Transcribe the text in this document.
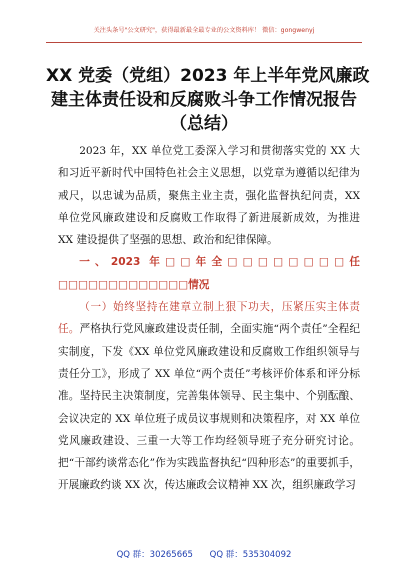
关注头条号"公文研究"，获得最新最全最专业的公文资料库！ 微信：gongwenyj
XX 党委（党组）2023 年上半年党风廉政
建主体责任设和反腐败斗争工作情况报告
（总结）

2023 年，XX 单位党工委深入学习和贯彻落实党的 XX 大和习近平新时代中国特色社会主义思想，以党章为遵循以纪律为戒尺，以忠诚为品质，聚焦主业主责，强化监督执纪问责，XX 单位党风廉政建设和反腐败工作取得了新进展新成效，为推进 XX 建设提供了坚强的思想、政治和纪律保障。

一、2023 年□□年全□□□□□□□□任□□□□□□□□□□□□□情况

（一）始终坚持在建章立制上狠下功夫，压紧压实主体责任。严格执行党风廉政建设责任制，全面实施“两个责任”全程纪实制度，下发《XX 单位党风廉政建设和反腐败工作组织领导与责任分工》，形成了 XX 单位“两个责任”考核评价体系和评分标准。坚持民主决策制度，完善集体领导、民主集中、个别酝酿、会议决定的 XX 单位班子成员议事规则和决策程序，对 XX 单位党风廉政建设、三重一大等工作均经领导班子充分研究讨论。把“干部约谈常态化”作为实践监督执纪“四种形态”的重要抓手，开展廉政约谈 XX 次，传达廉政会议精神 XX 次，组织廉政学习

QQ 群：30265665 QQ 群：535304092
